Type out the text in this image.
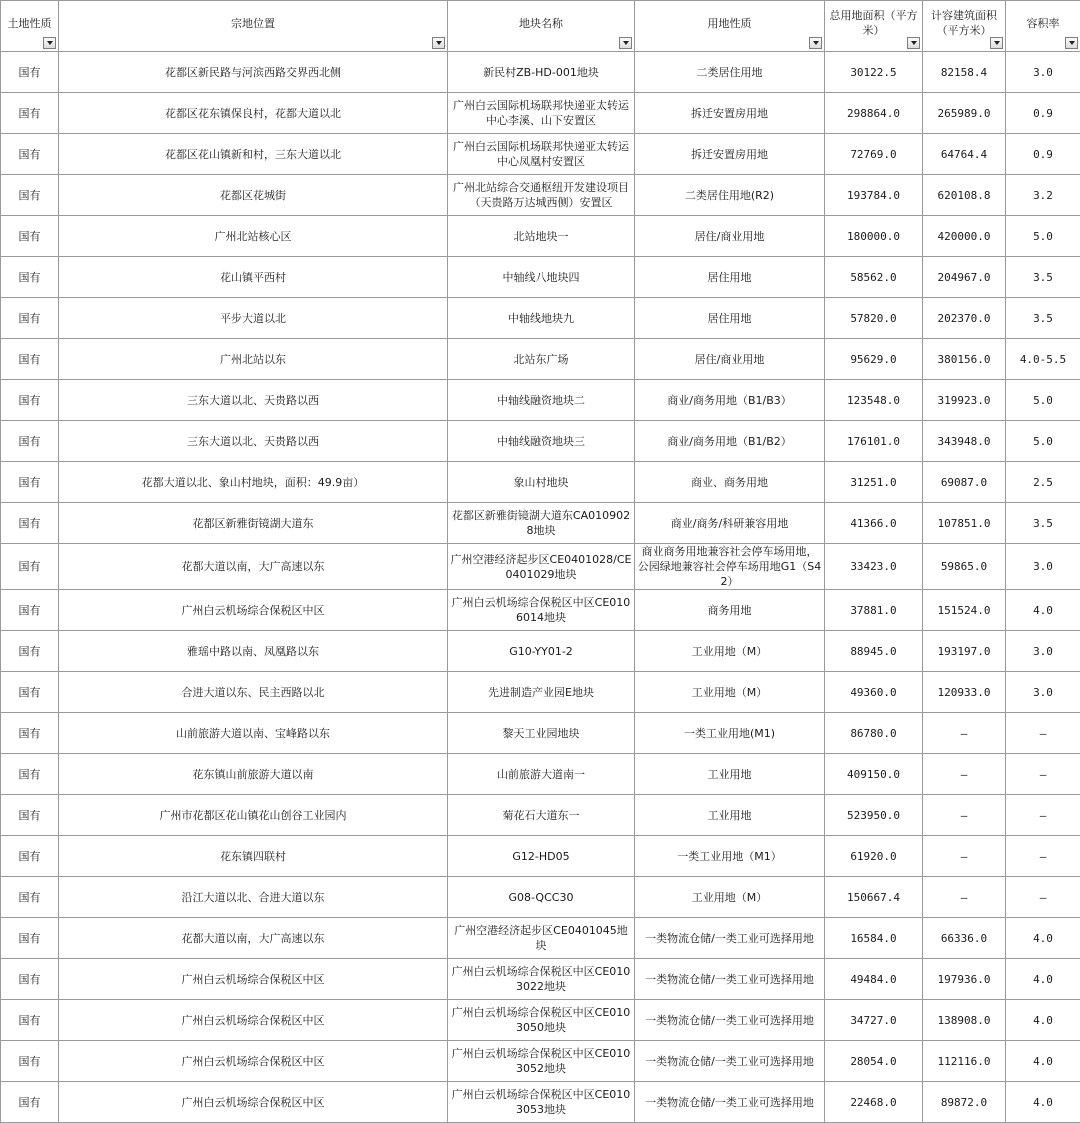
土地性质	宗地位置	地块名称	用地性质	总用地面积（平方米）	计容建筑面积（平方米）	容积率

国有	花都区新民路与河滨西路交界西北侧	新民村ZB-HD-001地块	二类居住用地	30122.5	82158.4	3.0
国有	花都区花东镇保良村，花都大道以北	广州白云国际机场联邦快递亚太转运中心李溪、山下安置区	拆迁安置房用地	298864.0	265989.0	0.9
国有	花都区花山镇新和村，三东大道以北	广州白云国际机场联邦快递亚太转运中心凤凰村安置区	拆迁安置房用地	72769.0	64764.4	0.9
国有	花都区花城街	广州北站综合交通枢纽开发建设项目（天贵路万达城西侧）安置区	二类居住用地(R2)	193784.0	620108.8	3.2
国有	广州北站核心区	北站地块一	居住/商业用地	180000.0	420000.0	5.0
国有	花山镇平西村	中轴线八地块四	居住用地	58562.0	204967.0	3.5
国有	平步大道以北	中轴线地块九	居住用地	57820.0	202370.0	3.5
国有	广州北站以东	北站东广场	居住/商业用地	95629.0	380156.0	4.0-5.5
国有	三东大道以北、天贵路以西	中轴线融资地块二	商业/商务用地（B1/B3）	123548.0	319923.0	5.0
国有	三东大道以北、天贵路以西	中轴线融资地块三	商业/商务用地（B1/B2）	176101.0	343948.0	5.0
国有	花都大道以北、象山村地块，面积：49.9亩）	象山村地块	商业、商务用地	31251.0	69087.0	2.5
国有	花都区新雅街镜湖大道东	花都区新雅街镜湖大道东CA0109028地块	商业/商务/科研兼容用地	41366.0	107851.0	3.5
国有	花都大道以南，大广高速以东	广州空港经济起步区CE0401028/CE0401029地块	商业商务用地兼容社会停车场用地，公园绿地兼容社会停车场用地G1（S42）	33423.0	59865.0	3.0
国有	广州白云机场综合保税区中区	广州白云机场综合保税区中区CE0106014地块	商务用地	37881.0	151524.0	4.0
国有	雅瑶中路以南、凤凰路以东	G10-YY01-2	工业用地（M）	88945.0	193197.0	3.0
国有	合进大道以东、民主西路以北	先进制造产业园E地块	工业用地（M）	49360.0	120933.0	3.0
国有	山前旅游大道以南、宝峰路以东	黎天工业园地块	一类工业用地(M1)	86780.0	—	—
国有	花东镇山前旅游大道以南	山前旅游大道南一	工业用地	409150.0	—	—
国有	广州市花都区花山镇花山创谷工业园内	菊花石大道东一	工业用地	523950.0	—	—
国有	花东镇四联村	G12-HD05	一类工业用地（M1）	61920.0	—	—
国有	沿江大道以北、合进大道以东	G08-QCC30	工业用地（M）	150667.4	—	—
国有	花都大道以南，大广高速以东	广州空港经济起步区CE0401045地块	一类物流仓储/一类工业可选择用地	16584.0	66336.0	4.0
国有	广州白云机场综合保税区中区	广州白云机场综合保税区中区CE0103022地块	一类物流仓储/一类工业可选择用地	49484.0	197936.0	4.0
国有	广州白云机场综合保税区中区	广州白云机场综合保税区中区CE0103050地块	一类物流仓储/一类工业可选择用地	34727.0	138908.0	4.0
国有	广州白云机场综合保税区中区	广州白云机场综合保税区中区CE0103052地块	一类物流仓储/一类工业可选择用地	28054.0	112116.0	4.0
国有	广州白云机场综合保税区中区	广州白云机场综合保税区中区CE0103053地块	一类物流仓储/一类工业可选择用地	22468.0	89872.0	4.0
